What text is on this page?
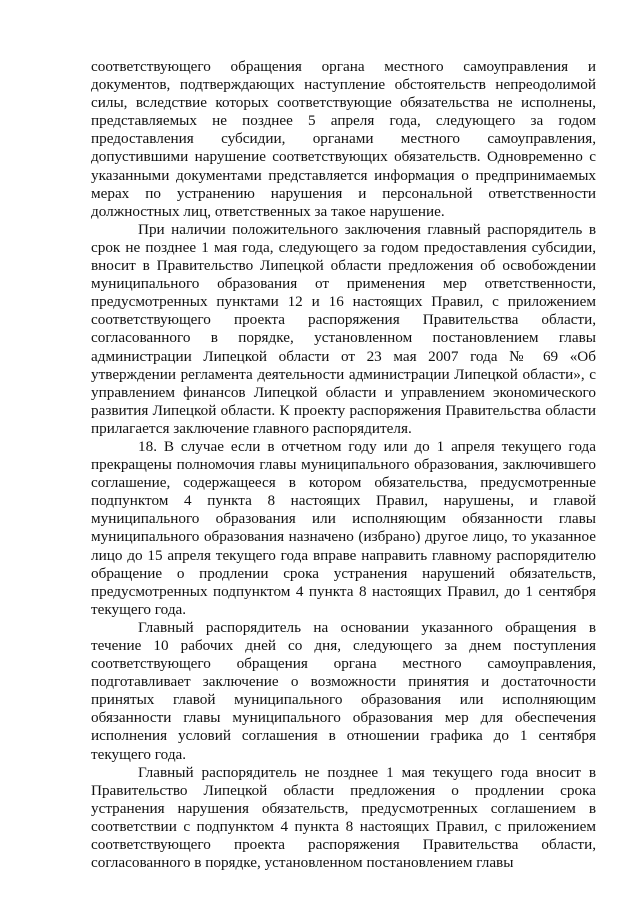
соответствующего обращения органа местного самоуправления и документов, подтверждающих наступление обстоятельств непреодолимой силы, вследствие которых соответствующие обязательства не исполнены, представляемых не позднее 5 апреля года, следующего за годом предоставления субсидии, органами местного самоуправления, допустившими нарушение соответствующих обязательств. Одновременно с указанными документами представляется информация о предпринимаемых мерах по устранению нарушения и персональной ответственности должностных лиц, ответственных за такое нарушение.

При наличии положительного заключения главный распорядитель в срок не позднее 1 мая года, следующего за годом предоставления субсидии, вносит в Правительство Липецкой области предложения об освобождении муниципального образования от применения мер ответственности, предусмотренных пунктами 12 и 16 настоящих Правил, с приложением соответствующего проекта распоряжения Правительства области, согласованного в порядке, установленном постановлением главы администрации Липецкой области от 23 мая 2007 года № 69 «Об утверждении регламента деятельности администрации Липецкой области», с управлением финансов Липецкой области и управлением экономического развития Липецкой области. К проекту распоряжения Правительства области прилагается заключение главного распорядителя.

18. В случае если в отчетном году или до 1 апреля текущего года прекращены полномочия главы муниципального образования, заключившего соглашение, содержащееся в котором обязательства, предусмотренные подпунктом 4 пункта 8 настоящих Правил, нарушены, и главой муниципального образования или исполняющим обязанности главы муниципального образования назначено (избрано) другое лицо, то указанное лицо до 15 апреля текущего года вправе направить главному распорядителю обращение о продлении срока устранения нарушений обязательств, предусмотренных подпунктом 4 пункта 8 настоящих Правил, до 1 сентября текущего года.

Главный распорядитель на основании указанного обращения в течение 10 рабочих дней со дня, следующего за днем поступления соответствующего обращения органа местного самоуправления, подготавливает заключение о возможности принятия и достаточности принятых главой муниципального образования или исполняющим обязанности главы муниципального образования мер для обеспечения исполнения условий соглашения в отношении графика до 1 сентября текущего года.

Главный распорядитель не позднее 1 мая текущего года вносит в Правительство Липецкой области предложения о продлении срока устранения нарушения обязательств, предусмотренных соглашением в соответствии с подпунктом 4 пункта 8 настоящих Правил, с приложением соответствующего проекта распоряжения Правительства области, согласованного в порядке, установленном постановлением главы
